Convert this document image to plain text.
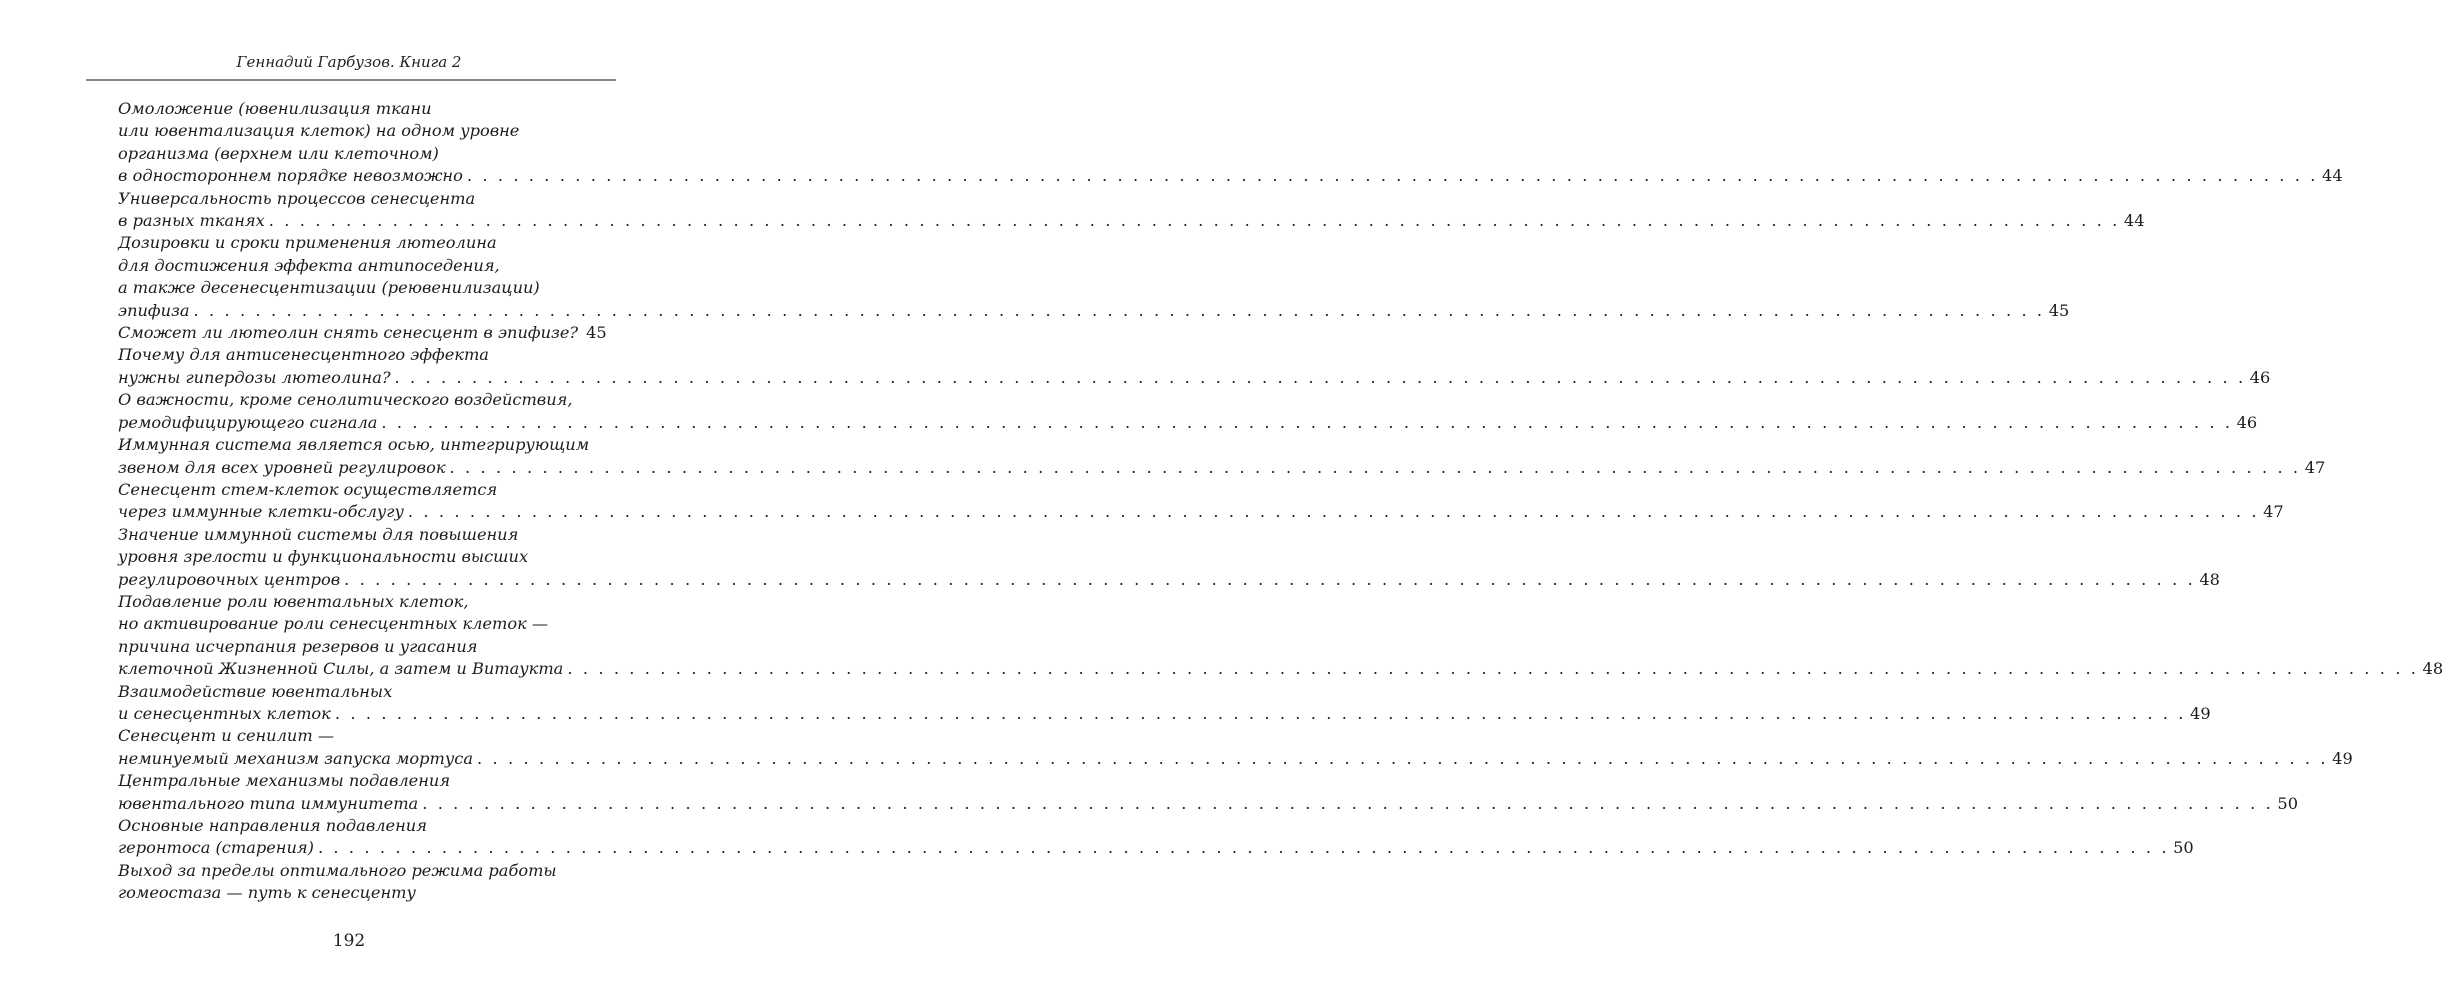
Геннадий Гарбузов. Книга 2
Омоложение (ювенилизация ткани
или ювентализация клеток) на одном уровне
организма (верхнем или клеточном)
в одностороннем порядке невозможно . . . . . . . . . . . . . . . . . . . . . . . . . . . . . . . . . . . . . . . . . . . . . . . . . . . . . . . . . . . . . . . . . . . . . . . . . . . . . . . . . . . . . . . . . . . . . . . . . . . . . . . . . . . . . . . . . . . . . . . . 44
Универсальность процессов сенесцента
в разных тканях . . . . . . . . . . . . . . . . . . . . . . . . . . . . . . . . . . . . . . . . . . . . . . . . . . . . . . . . . . . . . . . . . . . . . . . . . . . . . . . . . . . . . . . . . . . . . . . . . . . . . . . . . . . . . . . . . . . . . . . . 44
Дозировки и сроки применения лютеолина
для достижения эффекта антипоседения,
а также десенесцентизации (реювенилизации)
эпифиза . . . . . . . . . . . . . . . . . . . . . . . . . . . . . . . . . . . . . . . . . . . . . . . . . . . . . . . . . . . . . . . . . . . . . . . . . . . . . . . . . . . . . . . . . . . . . . . . . . . . . . . . . . . . . . . . . . . . . . . . 45
Сможет ли лютеолин снять сенесцент в эпифизе? 45
Почему для антисенесцентного эффекта
нужны гипердозы лютеолина? . . . . . . . . . . . . . . . . . . . . . . . . . . . . . . . . . . . . . . . . . . . . . . . . . . . . . . . . . . . . . . . . . . . . . . . . . . . . . . . . . . . . . . . . . . . . . . . . . . . . . . . . . . . . . . . . . . . . . . . . 46
О важности, кроме сенолитического воздействия,
ремодифицирующего сигнала . . . . . . . . . . . . . . . . . . . . . . . . . . . . . . . . . . . . . . . . . . . . . . . . . . . . . . . . . . . . . . . . . . . . . . . . . . . . . . . . . . . . . . . . . . . . . . . . . . . . . . . . . . . . . . . . . . . . . . . . 46
Иммунная система является осью, интегрирующим
звеном для всех уровней регулировок . . . . . . . . . . . . . . . . . . . . . . . . . . . . . . . . . . . . . . . . . . . . . . . . . . . . . . . . . . . . . . . . . . . . . . . . . . . . . . . . . . . . . . . . . . . . . . . . . . . . . . . . . . . . . . . . . . . . . . . . 47
Сенесцент стем-клеток осуществляется
через иммунные клетки-обслугу . . . . . . . . . . . . . . . . . . . . . . . . . . . . . . . . . . . . . . . . . . . . . . . . . . . . . . . . . . . . . . . . . . . . . . . . . . . . . . . . . . . . . . . . . . . . . . . . . . . . . . . . . . . . . . . . . . . . . . . . 47
Значение иммунной системы для повышения
уровня зрелости и функциональности высших
регулировочных центров . . . . . . . . . . . . . . . . . . . . . . . . . . . . . . . . . . . . . . . . . . . . . . . . . . . . . . . . . . . . . . . . . . . . . . . . . . . . . . . . . . . . . . . . . . . . . . . . . . . . . . . . . . . . . . . . . . . . . . . . 48
Подавление роли ювентальных клеток,
но активирование роли сенесцентных клеток —
причина исчерпания резервов и угасания
клеточной Жизненной Силы, а затем и Витаукта . . . . . . . . . . . . . . . . . . . . . . . . . . . . . . . . . . . . . . . . . . . . . . . . . . . . . . . . . . . . . . . . . . . . . . . . . . . . . . . . . . . . . . . . . . . . . . . . . . . . . . . . . . . . . . . . . . . . . . . . 48
Взаимодействие ювентальных
и сенесцентных клеток . . . . . . . . . . . . . . . . . . . . . . . . . . . . . . . . . . . . . . . . . . . . . . . . . . . . . . . . . . . . . . . . . . . . . . . . . . . . . . . . . . . . . . . . . . . . . . . . . . . . . . . . . . . . . . . . . . . . . . . . 49
Сенесцент и сенилит —
неминуемый механизм запуска мортуса . . . . . . . . . . . . . . . . . . . . . . . . . . . . . . . . . . . . . . . . . . . . . . . . . . . . . . . . . . . . . . . . . . . . . . . . . . . . . . . . . . . . . . . . . . . . . . . . . . . . . . . . . . . . . . . . . . . . . . . . 49
Центральные механизмы подавления
ювентального типа иммунитета . . . . . . . . . . . . . . . . . . . . . . . . . . . . . . . . . . . . . . . . . . . . . . . . . . . . . . . . . . . . . . . . . . . . . . . . . . . . . . . . . . . . . . . . . . . . . . . . . . . . . . . . . . . . . . . . . . . . . . . . 50
Основные направления подавления
геронтоса (старения) . . . . . . . . . . . . . . . . . . . . . . . . . . . . . . . . . . . . . . . . . . . . . . . . . . . . . . . . . . . . . . . . . . . . . . . . . . . . . . . . . . . . . . . . . . . . . . . . . . . . . . . . . . . . . . . . . . . . . . . . 50
Выход за пределы оптимального режима работы
гомеостаза — путь к сенесценту
192
